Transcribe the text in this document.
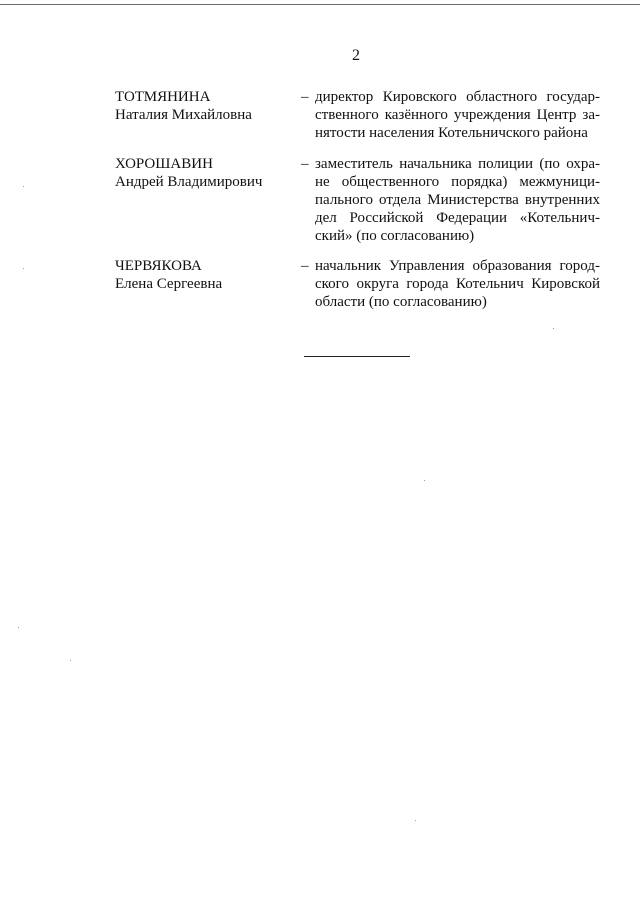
2
ТОТМЯНИНА
Наталия Михайловна
– директор Кировского областного государ-
ственного казённого учреждения Центр за-
нятости населения Котельничского района
ХОРОШАВИН
Андрей Владимирович
– заместитель начальника полиции (по охра-
не общественного порядка) межмуници-
пального отдела Министерства внутренних
дел Российской Федерации «Котельнич-
ский» (по согласованию)
ЧЕРВЯКОВА
Елена Сергеевна
– начальник Управления образования город-
ского округа города Котельнич Кировской
области (по согласованию)
